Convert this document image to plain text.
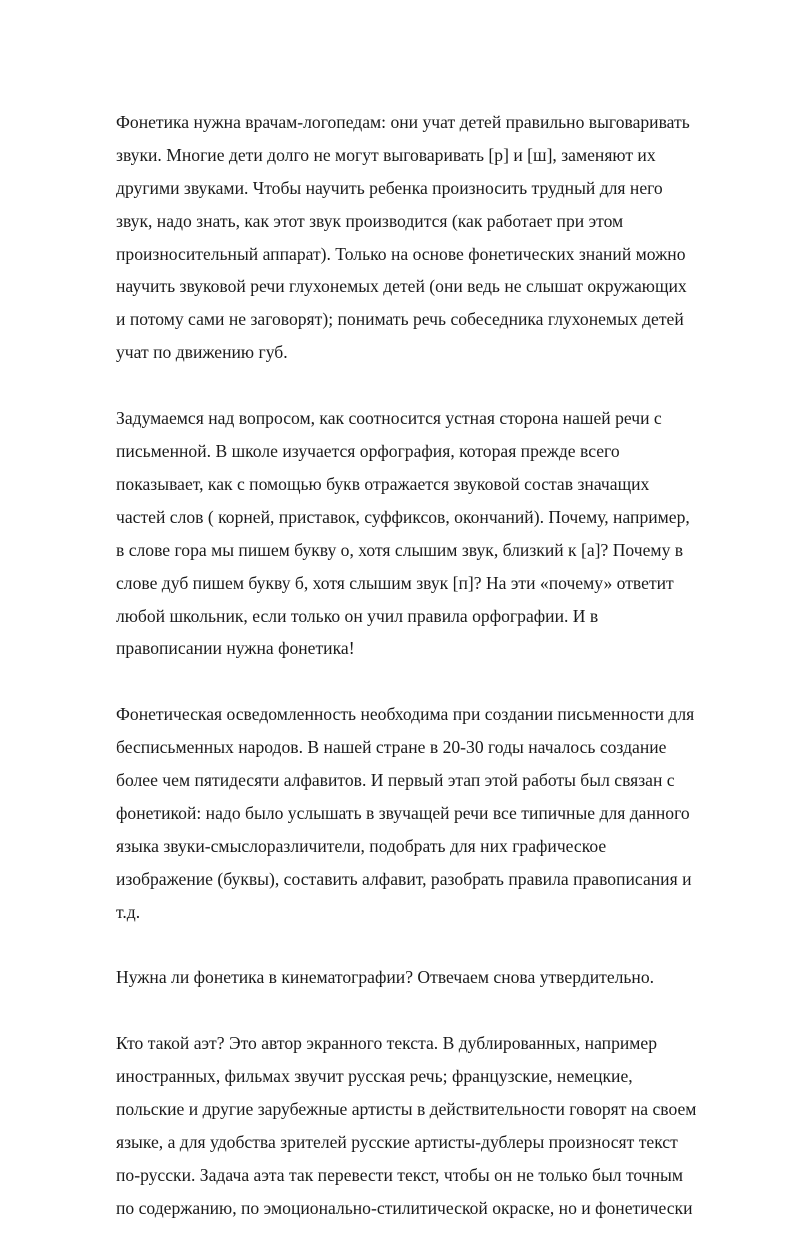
Фонетика нужна врачам-логопедам: они учат детей правильно выговаривать
звуки. Многие дети долго не могут выговаривать [р] и [ш], заменяют их
другими звуками. Чтобы научить ребенка произносить трудный для него
звук, надо знать, как этот звук производится (как работает при этом
произносительный аппарат). Только на основе фонетических знаний можно
научить звуковой речи глухонемых детей (они ведь не слышат окружающих
и потому сами не заговорят); понимать речь собеседника глухонемых детей
учат по движению губ.

Задумаемся над вопросом, как соотносится устная сторона нашей речи с
письменной. В школе изучается орфография, которая прежде всего
показывает, как с помощью букв отражается звуковой состав значащих
частей слов ( корней, приставок, суффиксов, окончаний). Почему, например,
в слове гора мы пишем букву о, хотя слышим звук, близкий к [а]? Почему в
слове дуб пишем букву б, хотя слышим звук [п]? На эти «почему» ответит
любой школьник, если только он учил правила орфографии. И в
правописании нужна фонетика!

Фонетическая осведомленность необходима при создании письменности для
бесписьменных народов. В нашей стране в 20-30 годы началось создание
более чем пятидесяти алфавитов. И первый этап этой работы был связан с
фонетикой: надо было услышать в звучащей речи все типичные для данного
языка звуки-смыслоразличители, подобрать для них графическое
изображение (буквы), составить алфавит, разобрать правила правописания и
т.д.

Нужна ли фонетика в кинематографии? Отвечаем снова утвердительно.

Кто такой аэт? Это автор экранного текста. В дублированных, например
иностранных, фильмах звучит русская речь; французские, немецкие,
польские и другие зарубежные артисты в действительности говорят на своем
языке, а для удобства зрителей русские артисты-дублеры произносят текст
по-русски. Задача аэта так перевести текст, чтобы он не только был точным
по содержанию, по эмоционально-стилитической окраске, но и фонетически
